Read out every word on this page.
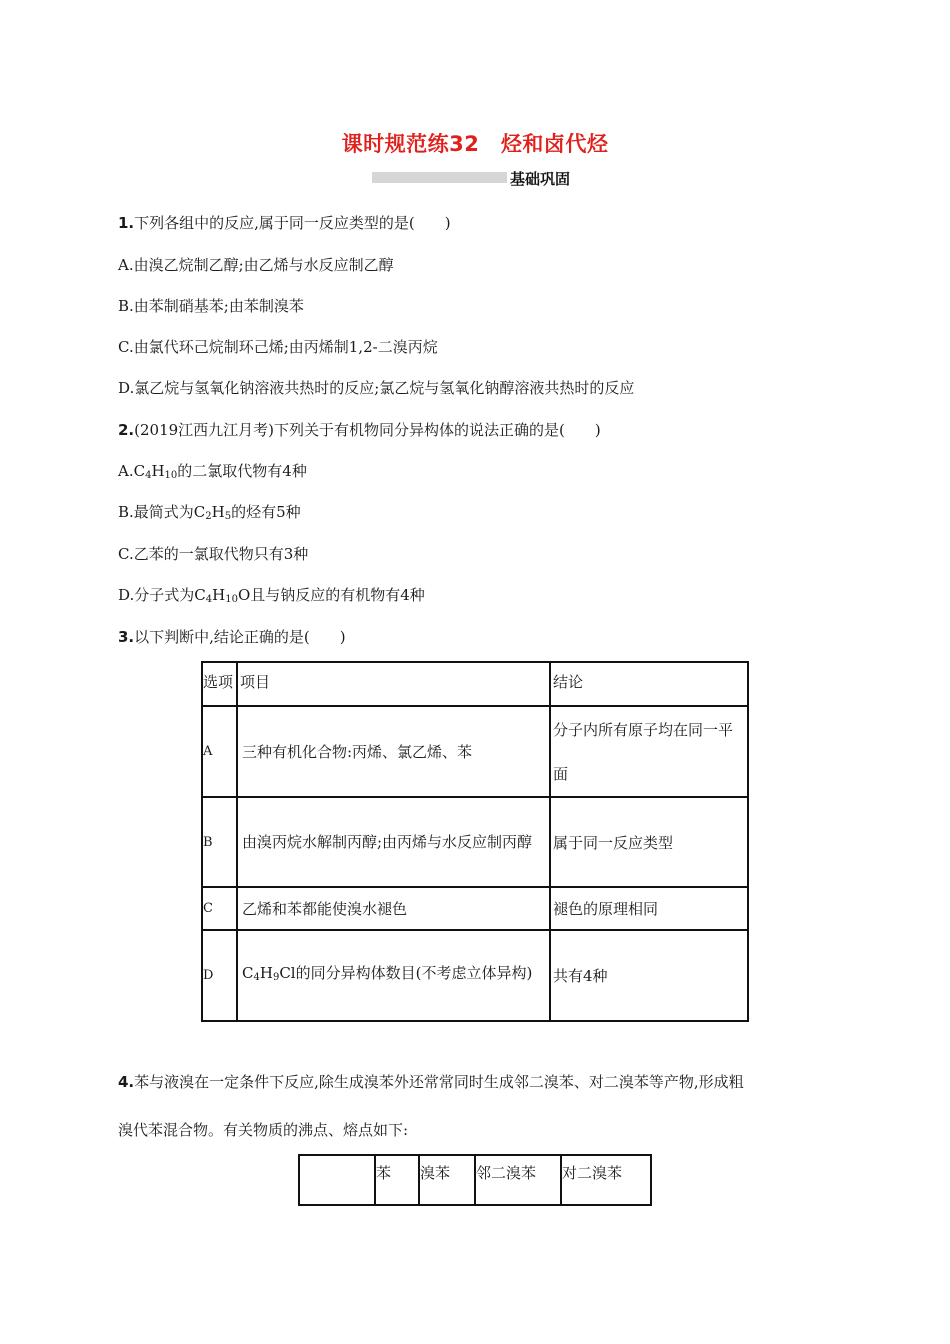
课时规范练32　烃和卤代烃
基础巩固
1.下列各组中的反应,属于同一反应类型的是(　　)
A.由溴乙烷制乙醇;由乙烯与水反应制乙醇
B.由苯制硝基苯;由苯制溴苯
C.由氯代环己烷制环己烯;由丙烯制1,2-二溴丙烷
D.氯乙烷与氢氧化钠溶液共热时的反应;氯乙烷与氢氧化钠醇溶液共热时的反应
2.(2019江西九江月考)下列关于有机物同分异构体的说法正确的是(　　)
$A.C_4H_{10}$的二氯取代物有4种
B.最简式为$C_2H_5$的烃有5种
C.乙苯的一氯取代物只有3种
D.分子式为$C_4H_{10}O$且与钠反应的有机物有4种
3.以下判断中,结论正确的是(　　)
选项	项目	结论
A	三种有机化合物:丙烯、氯乙烯、苯	分子内所有原子均在同一平面
B	由溴丙烷水解制丙醇;由丙烯与水反应制丙醇	属于同一反应类型
C	乙烯和苯都能使溴水褪色	褪色的原理相同
D	$C_4H_9Cl$的同分异构体数目(不考虑立体异构)	共有4种
4.苯与液溴在一定条件下反应,除生成溴苯外还常常同时生成邻二溴苯、对二溴苯等产物,形成粗
溴代苯混合物。有关物质的沸点、熔点如下:
	苯	溴苯	邻二溴苯	对二溴苯
